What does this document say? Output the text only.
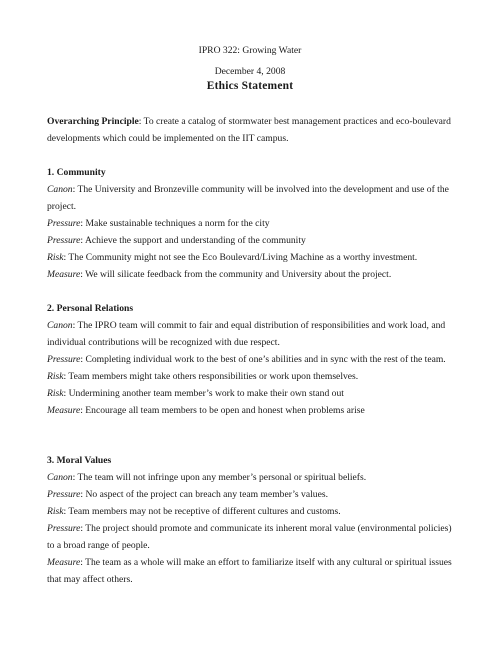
IPRO 322: Growing Water
December 4, 2008
Ethics Statement

Overarching Principle: To create a catalog of stormwater best management practices and eco-boulevard developments which could be implemented on the IIT campus.

1. Community

Canon: The University and Bronzeville community will be involved into the development and use of the project.

Pressure: Make sustainable techniques a norm for the city

Pressure: Achieve the support and understanding of the community

Risk: The Community might not see the Eco Boulevard/Living Machine as a worthy investment.

Measure: We will silicate feedback from the community and University about the project.

2. Personal Relations

Canon: The IPRO team will commit to fair and equal distribution of responsibilities and work load, and individual contributions will be recognized with due respect.

Pressure: Completing individual work to the best of one’s abilities and in sync with the rest of the team.

Risk: Team members might take others responsibilities or work upon themselves.

Risk: Undermining another team member’s work to make their own stand out

Measure: Encourage all team members to be open and honest when problems arise

3. Moral Values

Canon: The team will not infringe upon any member’s personal or spiritual beliefs.

Pressure: No aspect of the project can breach any team member’s values.

Risk: Team members may not be receptive of different cultures and customs.

Pressure: The project should promote and communicate its inherent moral value (environmental policies) to a broad range of people.

Measure: The team as a whole will make an effort to familiarize itself with any cultural or spiritual issues that may affect others.
